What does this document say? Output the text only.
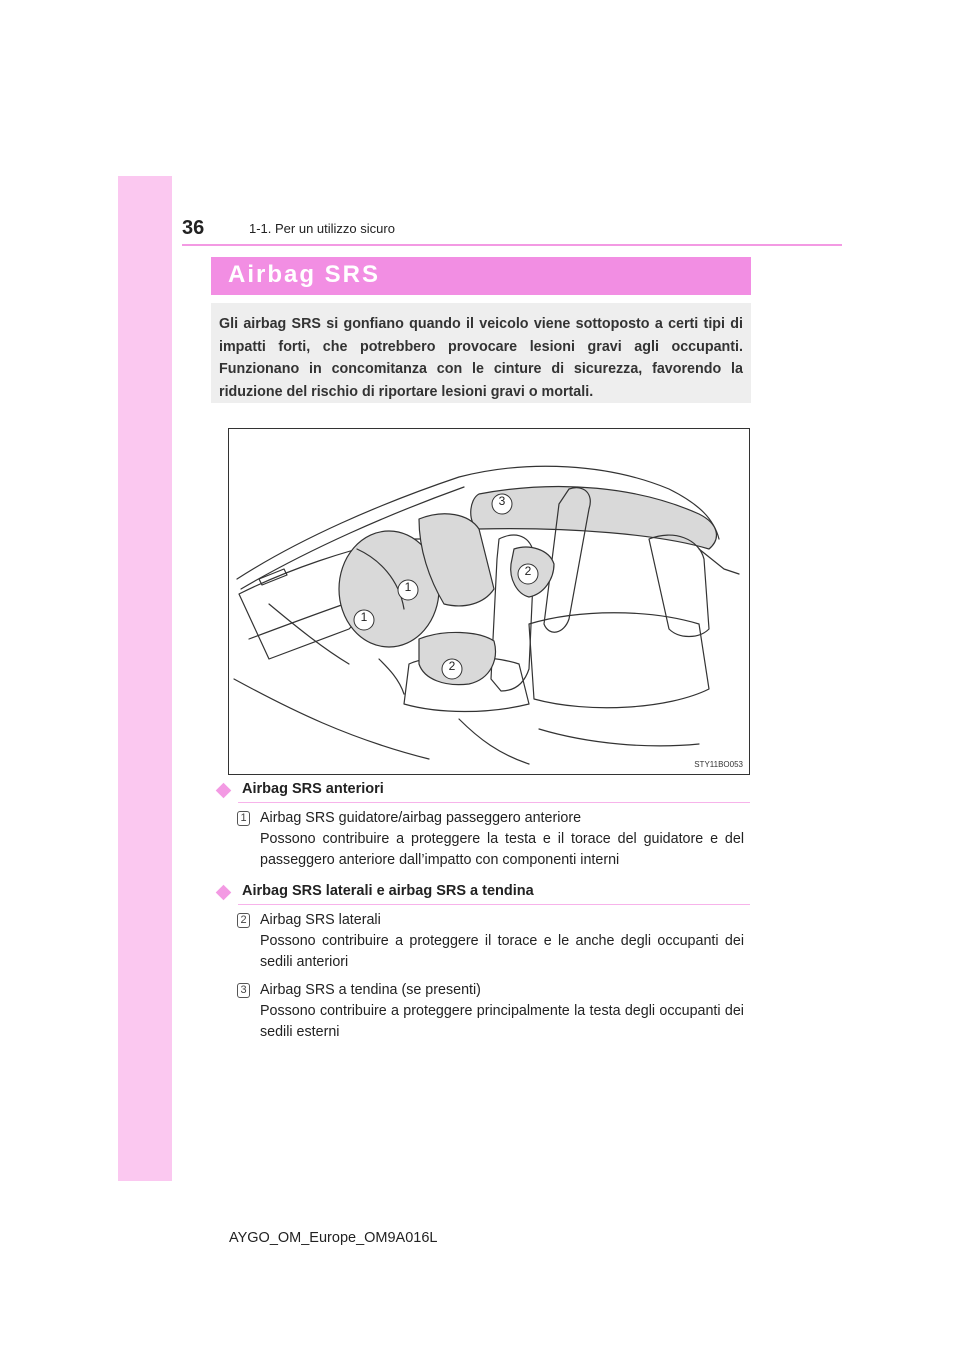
36	1-1. Per un utilizzo sicuro
Airbag SRS
Gli airbag SRS si gonfiano quando il veicolo viene sottoposto a certi tipi di impatti forti, che potrebbero provocare lesioni gravi agli occupanti. Funzionano in concomitanza con le cinture di sicurezza, favorendo la riduzione del rischio di riportare lesioni gravi o mortali.
STY11BO053
1
1
2
2
3
Airbag SRS anteriori
1 Airbag SRS guidatore/airbag passeggero anteriore
Possono contribuire a proteggere la testa e il torace del guidatore e del passeggero anteriore dall’impatto con componenti interni
Airbag SRS laterali e airbag SRS a tendina
2 Airbag SRS laterali
Possono contribuire a proteggere il torace e le anche degli occupanti dei sedili anteriori
3 Airbag SRS a tendina (se presenti)
Possono contribuire a proteggere principalmente la testa degli occupanti dei sedili esterni
AYGO_OM_Europe_OM9A016L
